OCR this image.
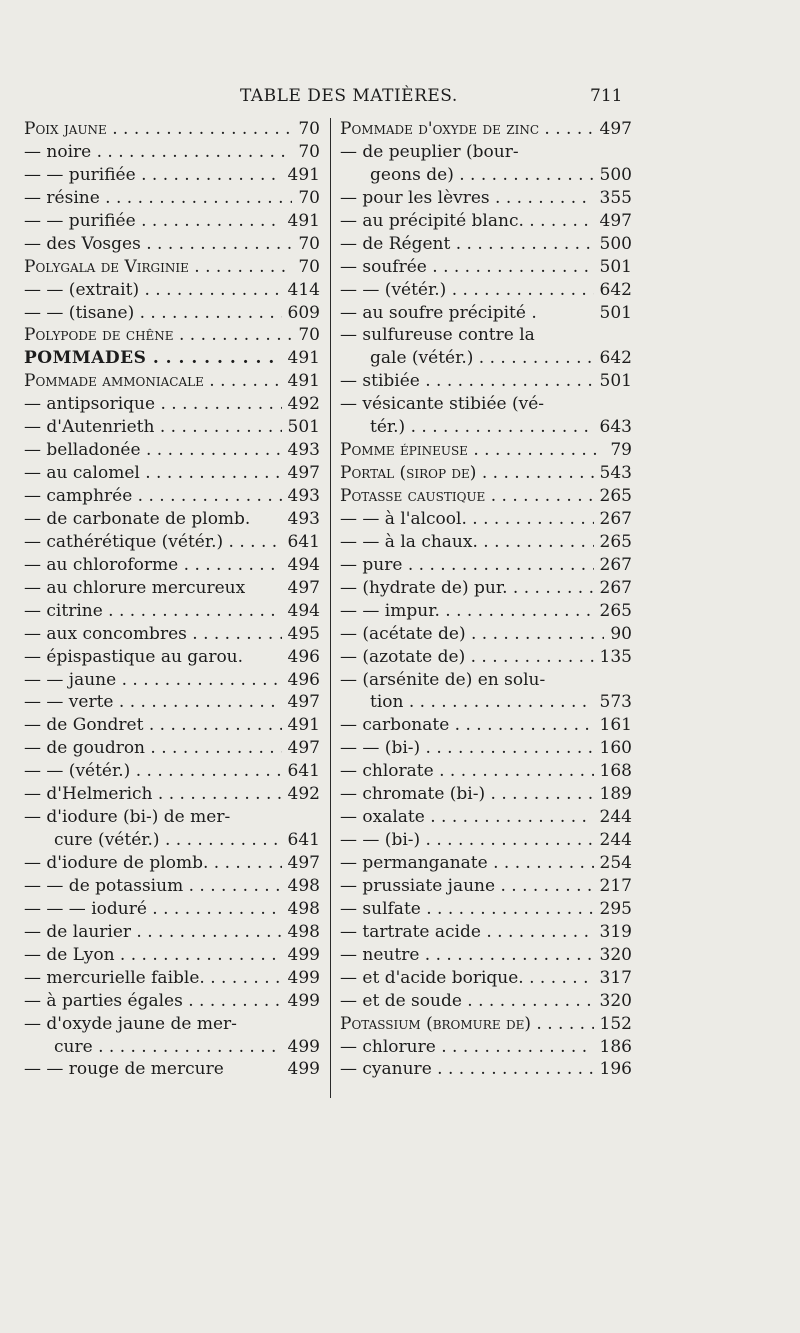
TABLE DES MATIÈRES.	711
Poix jaune . . .	70
— noire . . .	70
— — purifiée . . .	491
— résine . . .	70
— — purifiée . . .	491
— des Vosges . . .	70
Polygala de Virginie . . .	70
— — (extrait) . . .	414
— — (tisane) . . .	609
Polypode de chêne . . .	70
POMMADES . . .	491
Pommade ammoniacale . . .	491
— antipsorique . . .	492
— d'Autenrieth . . .	501
— belladonée . . .	493
— au calomel . . .	497
— camphrée . . .	493
— de carbonate de plomb.	493
— cathérétique (vétér.) . . .	641
— au chloroforme . . .	494
— au chlorure mercureux	497
— citrine . . .	494
— aux concombres . . .	495
— épispastique au garou.	496
— — jaune . . .	496
— — verte . . .	497
— de Gondret . . .	491
— de goudron . . .	497
— — (vétér.) . . .	641
— d'Helmerich . . .	492
— d'iodure (bi-) de mer-
cure (vétér.) . . .	641
— d'iodure de plomb. . . .	497
— — de potassium . . .	498
— — — ioduré . . .	498
— de laurier . . .	498
— de Lyon . . .	499
— mercurielle faible. . . .	499
— à parties égales . . .	499
— d'oxyde jaune de mer-
cure . . .	499
— — rouge de mercure	499
Pommade d'oxyde de zinc . . .	497
— de peuplier (bour-
geons de) . . .	500
— pour les lèvres . . .	355
— au précipité blanc. . . .	497
— de Régent . . .	500
— soufrée . . .	501
— — (vétér.) . . .	642
— au soufre précipité .	501
— sulfureuse contre la
gale (vétér.) . . .	642
— stibiée . . .	501
— vésicante stibiée (vé-
tér.) . . .	643
Pomme épineuse . . .	79
Portal (sirop de) . . .	543
Potasse caustique . . .	265
— — à l'alcool. . . .	267
— — à la chaux. . . .	265
— pure . . .	267
— (hydrate de) pur. . . .	267
— — impur. . . .	265
— (acétate de) . . .	90
— (azotate de) . . .	135
— (arsénite de) en solu-
tion . . .	573
— carbonate . . .	161
— — (bi-) . . .	160
— chlorate . . .	168
— chromate (bi-) . . .	189
— oxalate . . .	244
— — (bi-) . . .	244
— permanganate . . .	254
— prussiate jaune . . .	217
— sulfate . . .	295
— tartrate acide . . .	319
— neutre . . .	320
— et d'acide borique. . . .	317
— et de soude . . .	320
Potassium (bromure de) . . .	152
— chlorure . . .	186
— cyanure . . .	196
